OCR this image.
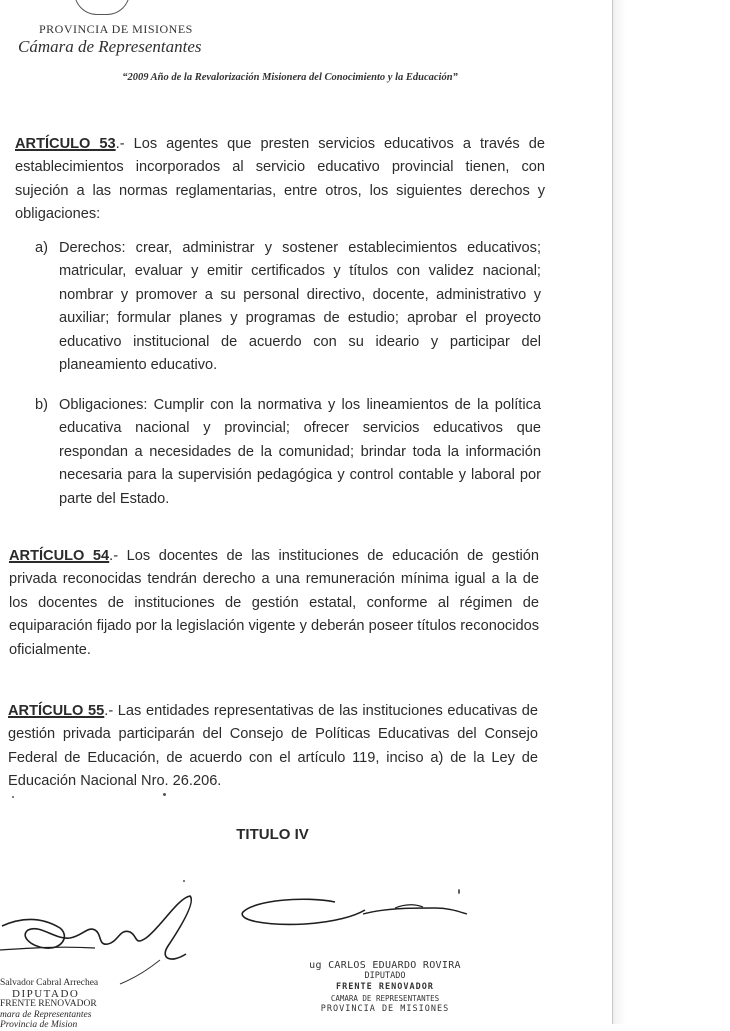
PROVINCIA DE MISIONES
Cámara de Representantes
“2009 Año de la Revalorización Misionera del Conocimiento y la Educación”
ARTÍCULO 53.- Los agentes que presten servicios educativos a través de establecimientos incorporados al servicio educativo provincial tienen, con sujeción a las normas reglamentarias, entre otros, los siguientes derechos y obligaciones:
a) Derechos: crear, administrar y sostener establecimientos educativos; matricular, evaluar y emitir certificados y títulos con validez nacional; nombrar y promover a su personal directivo, docente, administrativo y auxiliar; formular planes y programas de estudio; aprobar el proyecto educativo institucional de acuerdo con su ideario y participar del planeamiento educativo.
b) Obligaciones: Cumplir con la normativa y los lineamientos de la política educativa nacional y provincial; ofrecer servicios educativos que respondan a necesidades de la comunidad; brindar toda la información necesaria para la supervisión pedagógica y control contable y laboral por parte del Estado.
ARTÍCULO 54.- Los docentes de las instituciones de educación de gestión privada reconocidas tendrán derecho a una remuneración mínima igual a la de los docentes de instituciones de gestión estatal, conforme al régimen de equiparación fijado por la legislación vigente y deberán poseer títulos reconocidos oficialmente.
ARTÍCULO 55.- Las entidades representativas de las instituciones educativas de gestión privada participarán del Consejo de Políticas Educativas del Consejo Federal de Educación, de acuerdo con el artículo 119, inciso a) de la Ley de Educación Nacional Nro. 26.206.
TITULO IV
Salvador Cabral Arrechea
DIPUTADO
FRENTE RENOVADOR
mara de Representantes
Provincia de Mision
ug CARLOS EDUARDO ROVIRA
DIPUTADO
FRENTE RENOVADOR
CAMARA DE REPRESENTANTES
PROVINCIA DE MISIONES
